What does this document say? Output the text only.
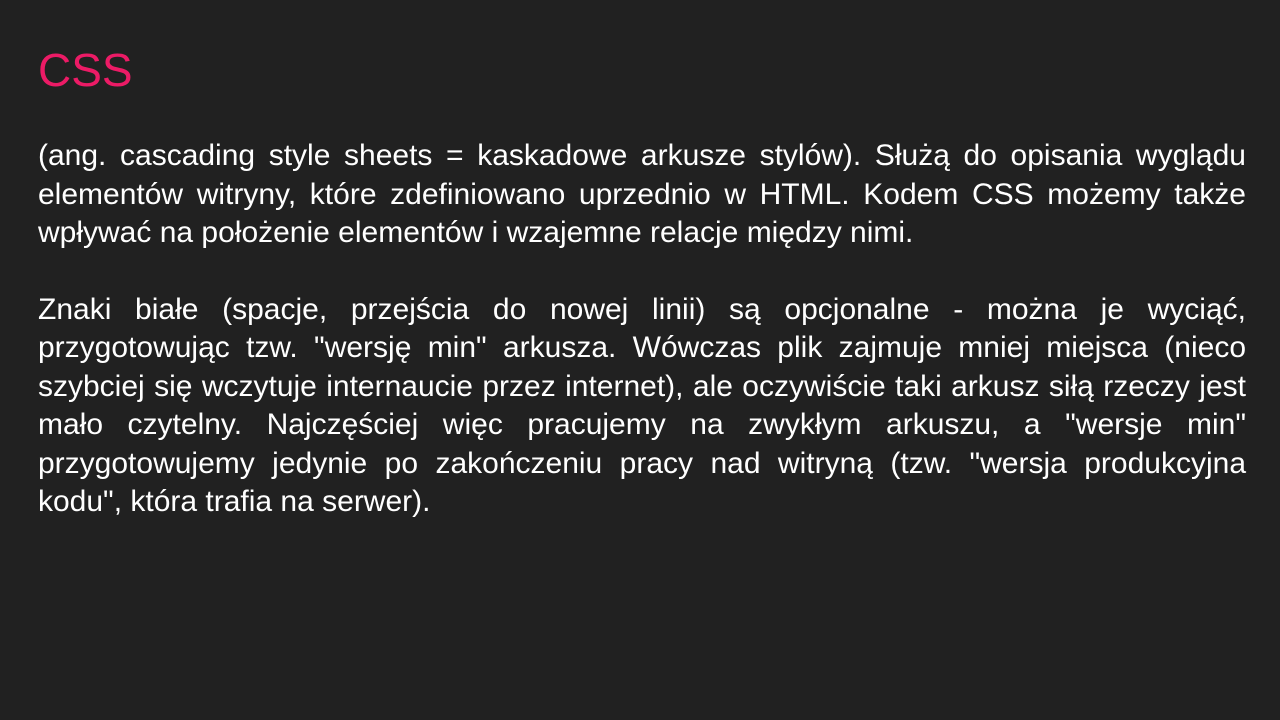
CSS

(ang. cascading style sheets = kaskadowe arkusze stylów). Służą do opisania wyglądu elementów witryny, które zdefiniowano uprzednio w HTML. Kodem CSS możemy także wpływać na położenie elementów i wzajemne relacje między nimi.

Znaki białe (spacje, przejścia do nowej linii) są opcjonalne - można je wyciąć, przygotowując tzw. "wersję min" arkusza. Wówczas plik zajmuje mniej miejsca (nieco szybciej się wczytuje internaucie przez internet), ale oczywiście taki arkusz siłą rzeczy jest mało czytelny. Najczęściej więc pracujemy na zwykłym arkuszu, a "wersje min" przygotowujemy jedynie po zakończeniu pracy nad witryną (tzw. "wersja produkcyjna kodu", która trafia na serwer).
